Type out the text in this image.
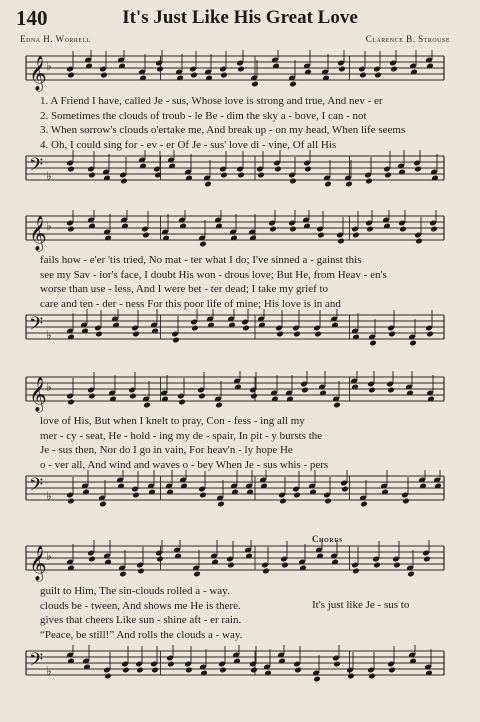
140	It's Just Like His Great Love
Edna H. Worrell	Clarence B. Strouse
𝄞 ♭
1. A Friend I have, called Je - sus, Whose love is strong and true, And nev - er
2. Sometimes the clouds of troub - le Be - dim the sky a - bove, I can - not
3. When sorrow's clouds o'ertake me, And break up - on my head, When life seems
4. Oh, I could sing for - ev - er Of Je - sus' love di - vine, Of all His
𝄢 ♭
𝄞 ♭
fails how - e'er 'tis tried, No mat - ter what I do; I've sinned a - gainst this
see my Sav - ior's face, I doubt His won - drous love; But He, from Heav - en's
worse than use - less, And I were bet - ter dead; I take my grief to
care and ten - der - ness For this poor life of mine; His love is in and
𝄢 ♭
𝄞 ♭
love of His, But when I knelt to pray, Con - fess - ing all my
mer - cy - seat, He - hold - ing my de - spair, In pit - y bursts the
Je - sus then, Nor do I go in vain, For heav'n - ly hope He
o - ver all, And wind and waves o - bey When Je - sus whis - pers
𝄢 ♭
𝄞 ♭
guilt to Him, The sin-clouds rolled a - way.
clouds be - tween, And shows me He is there.
gives that cheers Like sun - shine aft - er rain.
“Peace, be still!” And rolls the clouds a - way.
Chorus
It's just like Je - sus to
𝄢 ♭
